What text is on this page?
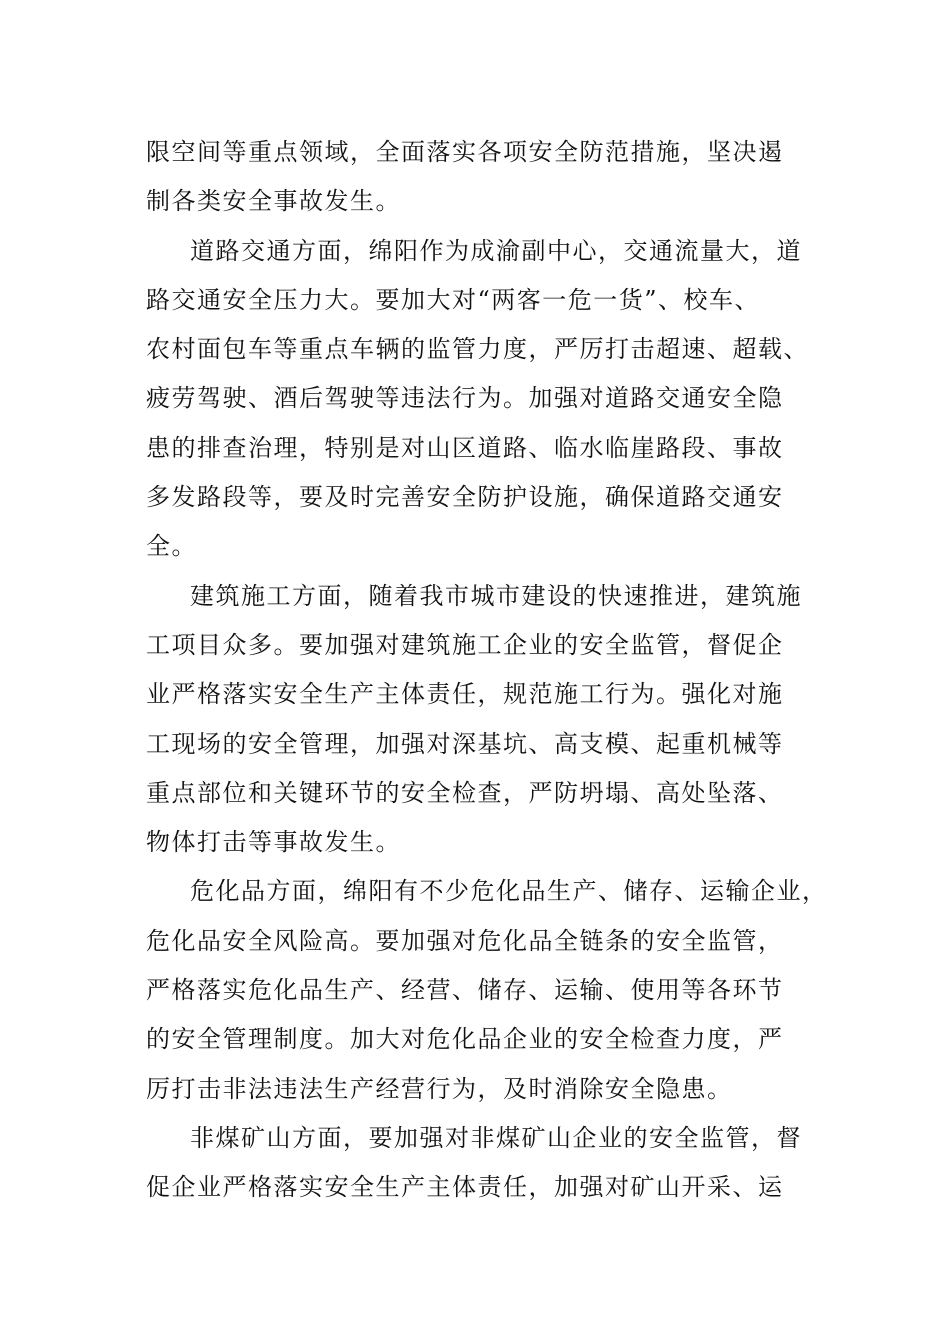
限空间等重点领域，全面落实各项安全防范措施，坚决遏
制各类安全事故发生。
道路交通方面，绵阳作为成渝副中心，交通流量大，道
路交通安全压力大。要加大对“两客一危一货”、校车、
农村面包车等重点车辆的监管力度，严厉打击超速、超载、
疲劳驾驶、酒后驾驶等违法行为。加强对道路交通安全隐
患的排查治理，特别是对山区道路、临水临崖路段、事故
多发路段等，要及时完善安全防护设施，确保道路交通安
全。
建筑施工方面，随着我市城市建设的快速推进，建筑施
工项目众多。要加强对建筑施工企业的安全监管，督促企
业严格落实安全生产主体责任，规范施工行为。强化对施
工现场的安全管理，加强对深基坑、高支模、起重机械等
重点部位和关键环节的安全检查，严防坍塌、高处坠落、
物体打击等事故发生。
危化品方面，绵阳有不少危化品生产、储存、运输企业，
危化品安全风险高。要加强对危化品全链条的安全监管，
严格落实危化品生产、经营、储存、运输、使用等各环节
的安全管理制度。加大对危化品企业的安全检查力度，严
厉打击非法违法生产经营行为，及时消除安全隐患。
非煤矿山方面，要加强对非煤矿山企业的安全监管，督
促企业严格落实安全生产主体责任，加强对矿山开采、运
